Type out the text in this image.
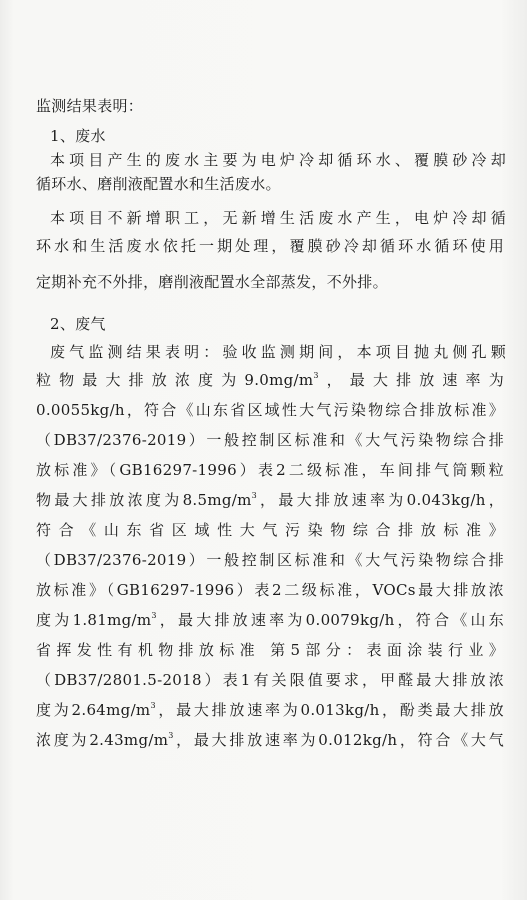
监测结果表明：
1、废水
本项目产生的废水主要为电炉冷却循环水、覆膜砂冷却
循环水、磨削液配置水和生活废水。
本项目不新增职工，无新增生活废水产生，电炉冷却循
环水和生活废水依托一期处理，覆膜砂冷却循环水循环使用
定期补充不外排，磨削液配置水全部蒸发，不外排。
2、废气
废气监测结果表明：验收监测期间，本项目抛丸侧孔颗
粒物最大排放浓度为$9.0mg/m^3$，最大排放速率为
0.0055kg/h，符合《山东省区域性大气污染物综合排放标准》
（DB37/2376-2019）一般控制区标准和《大气污染物综合排
放标准》（GB16297-1996）表2二级标准，车间排气筒颗粒
物最大排放浓度为$8.5mg/m^3$，最大排放速率为0.043kg/h，
符合《山东省区域性大气污染物综合排放标准》
（DB37/2376-2019）一般控制区标准和《大气污染物综合排
放标准》（GB16297-1996）表2二级标准，VOCs最大排放浓
度为$1.81mg/m^3$，最大排放速率为0.0079kg/h，符合《山东
省挥发性有机物排放标准 第5部分：表面涂装行业》
（DB37/2801.5-2018）表1有关限值要求，甲醛最大排放浓
度为$2.64mg/m^3$，最大排放速率为0.013kg/h，酚类最大排放
浓度为$2.43mg/m^3$，最大排放速率为0.012kg/h，符合《大气
